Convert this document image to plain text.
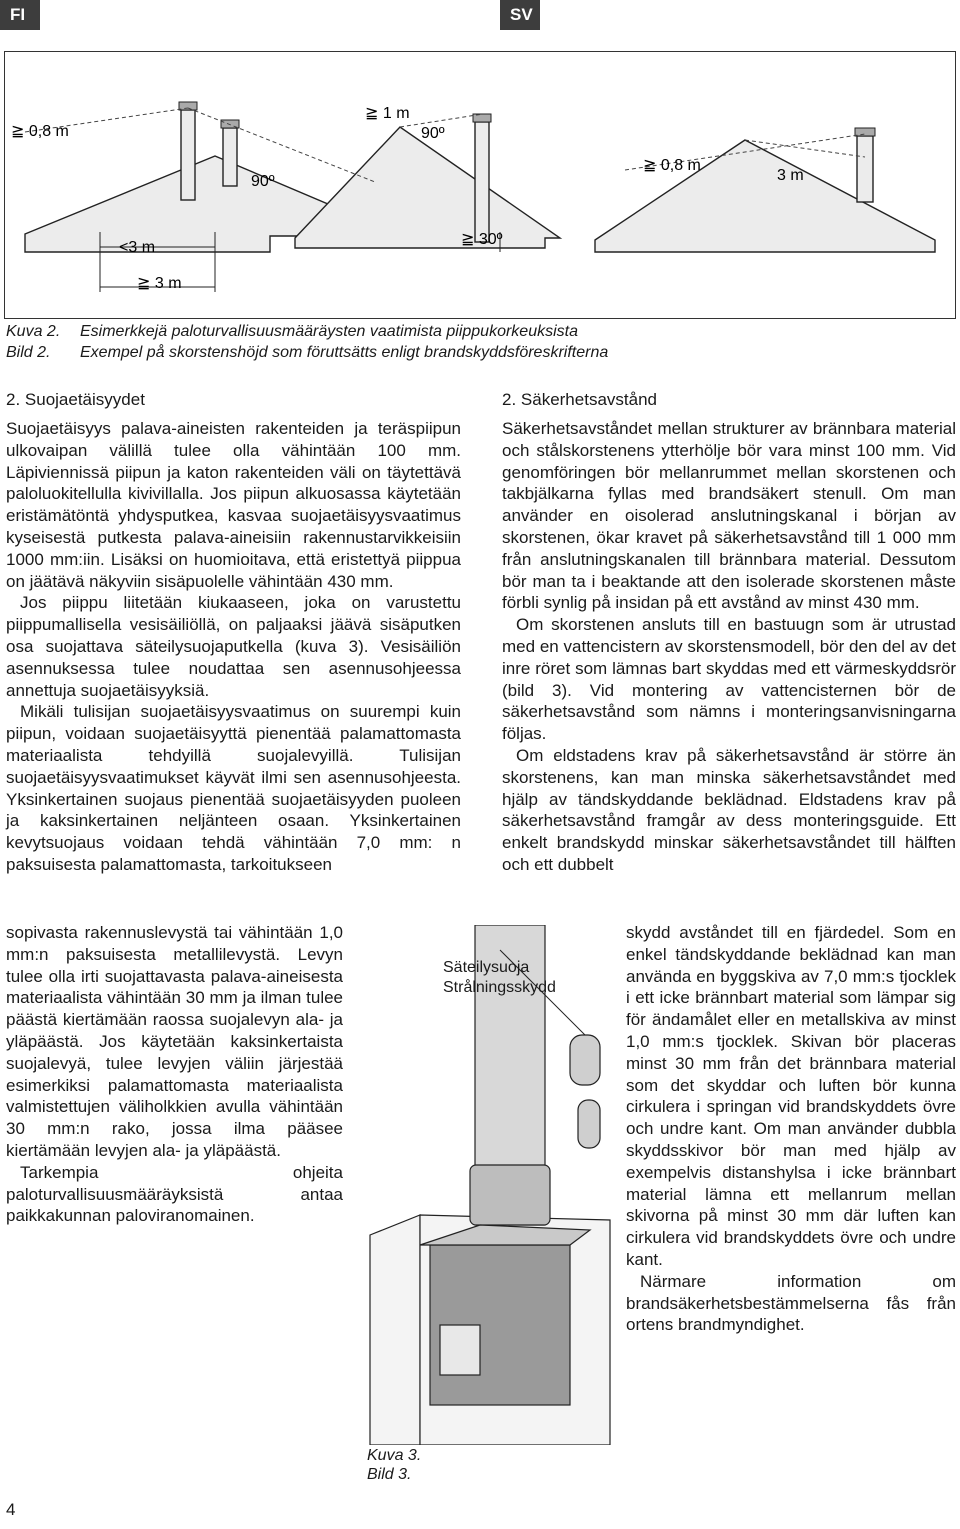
FI	SV
≧ 0,8 m
90º
≧ 1 m
90º
≧ 0,8 m
3 m
<3 m
≧ 3 m
≧ 30º
Kuva 2. Esimerkkejä paloturvallisuusmääräysten vaatimista piippukorkeuksista
Bild 2. Exempel på skorstenshöjd som föruttsätts enligt brandskyddsföreskrifterna
2. Suojaetäisyydet

Suojaetäisyys palava-aineisten rakenteiden ja teräspiipun ulkovaipan välillä tulee olla vähintään 100 mm. Läpiviennissä piipun ja katon rakenteiden väli on täytettävä paloluokitellulla kivivillalla. Jos piipun alkuosassa käytetään eristämätöntä yhdysputkea, kasvaa suojaetäisyysvaatimus kyseisestä putkesta palava-aineisiin rakennustarvikkeisiin 1000 mm:iin. Lisäksi on huomioitava, että eristettyä piippua on jäätävä näkyviin sisäpuolelle vähintään 430 mm.

Jos piippu liitetään kiukaaseen, joka on varustettu piippumallisella vesisäiliöllä, on paljaaksi jäävä sisäputken osa suojattava säteilysuojaputkella (kuva 3). Vesisäiliön asennuksessa tulee noudattaa sen asennusohjeessa annettuja suojaetäisyyksiä.

Mikäli tulisijan suojaetäisyysvaatimus on suurempi kuin piipun, voidaan suojaetäisyyttä pienentää palamattomasta materiaalista tehdyillä suojalevyillä. Tulisijan suojaetäisyysvaatimukset käyvät ilmi sen asennusohjeesta. Yksinkertainen suojaus pienentää suojaetäisyyden puoleen ja kaksinkertainen neljänteen osaan. Yksinkertainen kevytsuojaus voidaan tehdä vähintään 7,0 mm: n paksuisesta palamattomasta, tarkoitukseen

sopivasta rakennuslevystä tai vähintään 1,0 mm:n paksuisesta metallilevystä. Levyn tulee olla irti suojattavasta palava-aineisesta materiaalista vähintään 30 mm ja ilman tulee päästä kiertämään raossa suojalevyn ala- ja yläpäästä. Jos käytetään kaksinkertaista suojalevyä, tulee levyjen väliin järjestää esimerkiksi palamattomasta materiaalista valmistettujen väliholkkien avulla vähintään 30 mm:n rako, jossa ilma pääsee kiertämään levyjen ala- ja yläpäästä.

Tarkempia ohjeita paloturvallisuusmääräyksistä antaa paikkakunnan paloviranomainen.

2. Säkerhetsavstånd

Säkerhetsavståndet mellan strukturer av brännbara material och stålskorstenens ytterhölje bör vara minst 100 mm. Vid genomföringen bör mellanrummet mellan skorstenen och takbjälkarna fyllas med brandsäkert stenull. Om man använder en oisolerad anslutningskanal i början av skorstenen, ökar kravet på säkerhetsavstånd till 1 000 mm från anslutningskanalen till brännbara material. Dessutom bör man ta i beaktande att den isolerade skorstenen måste förbli synlig på insidan på ett avstånd av minst 430 mm.

Om skorstenen ansluts till en bastuugn som är utrustad med en vattencistern av skorstensmodell, bör den del av det inre röret som lämnas bart skyddas med ett värmeskyddsrör (bild 3). Vid montering av vattencisternen bör de säkerhetsavstånd som nämns i monteringsanvisningarna följas.

Om eldstadens krav på säkerhetsavstånd är större än skorstenens, kan man minska säkerhetsavståndet med hjälp av tändskyddande beklädnad. Eldstadens krav på säkerhetsavstånd framgår av dess monteringsguide. Ett enkelt brandskydd minskar säkerhetsavståndet till hälften och ett dubbelt

skydd avståndet till en fjärdedel. Som en enkel tändskyddande beklädnad kan man använda en byggskiva av 7,0 mm:s tjocklek i ett icke brännbart material som lämpar sig för ändamålet eller en metallskiva av minst 1,0 mm:s tjocklek. Skivan bör placeras minst 30 mm från det brännbara material som det skyddar och luften bör kunna cirkulera i springan vid brandskyddets övre och undre kant. Om man använder dubbla skyddsskivor bör man med hjälp av exempelvis distanshylsa i icke brännbart material lämna ett mellanrum mellan skivorna på minst 30 mm där luften kan cirkulera vid brandskyddets övre och undre kant.

Närmare information om brandsäkerhetsbestämmelserna fås från ortens brandmyndighet.

Säteilysuoja
Strålningsskydd
Kuva 3.
Bild 3.
4
